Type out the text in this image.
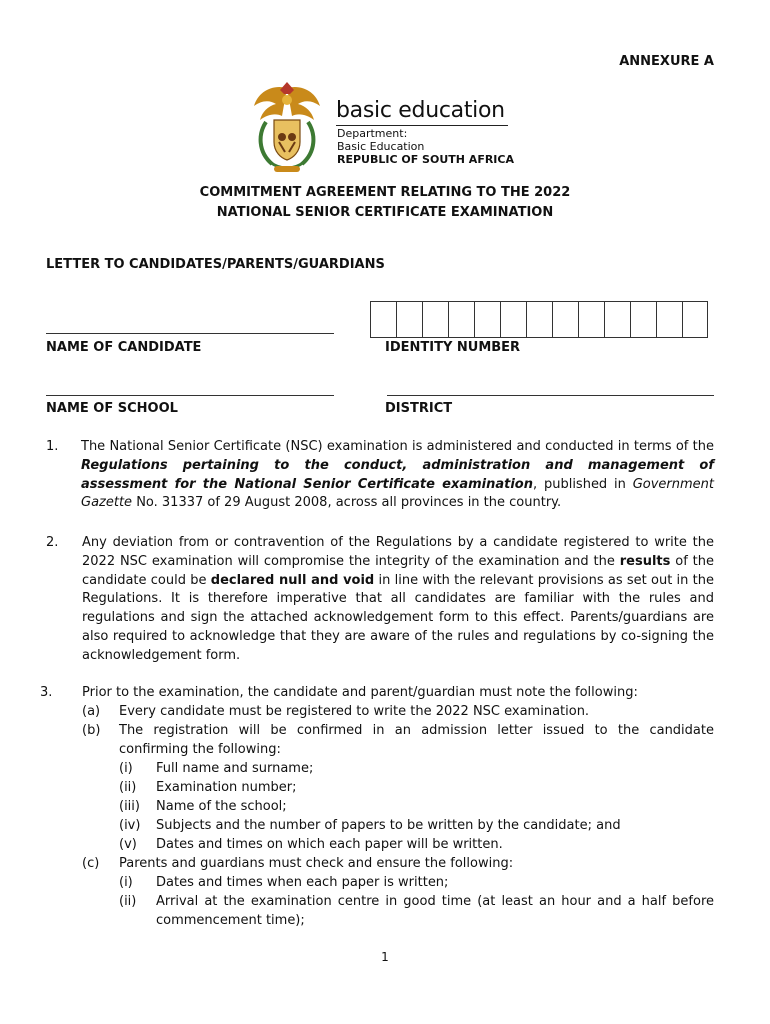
ANNEXURE A
basic education
Department:
Basic Education
REPUBLIC OF SOUTH AFRICA
COMMITMENT AGREEMENT RELATING TO THE 2022
NATIONAL SENIOR CERTIFICATE EXAMINATION
LETTER TO CANDIDATES/PARENTS/GUARDIANS
NAME OF CANDIDATE	IDENTITY NUMBER
NAME OF SCHOOL	DISTRICT
1. The National Senior Certificate (NSC) examination is administered and conducted in terms of the Regulations pertaining to the conduct, administration and management of assessment for the National Senior Certificate examination, published in Government Gazette No. 31337 of 29 August 2008, across all provinces in the country.
2. Any deviation from or contravention of the Regulations by a candidate registered to write the 2022 NSC examination will compromise the integrity of the examination and the results of the candidate could be declared null and void in line with the relevant provisions as set out in the Regulations. It is therefore imperative that all candidates are familiar with the rules and regulations and sign the attached acknowledgement form to this effect. Parents/guardians are also required to acknowledge that they are aware of the rules and regulations by co-signing the acknowledgement form.
3. Prior to the examination, the candidate and parent/guardian must note the following:
(a) Every candidate must be registered to write the 2022 NSC examination.
(b) The registration will be confirmed in an admission letter issued to the candidate confirming the following:
(i) Full name and surname;
(ii) Examination number;
(iii) Name of the school;
(iv) Subjects and the number of papers to be written by the candidate; and
(v) Dates and times on which each paper will be written.
(c) Parents and guardians must check and ensure the following:
(i) Dates and times when each paper is written;
(ii) Arrival at the examination centre in good time (at least an hour and a half before commencement time);
1
